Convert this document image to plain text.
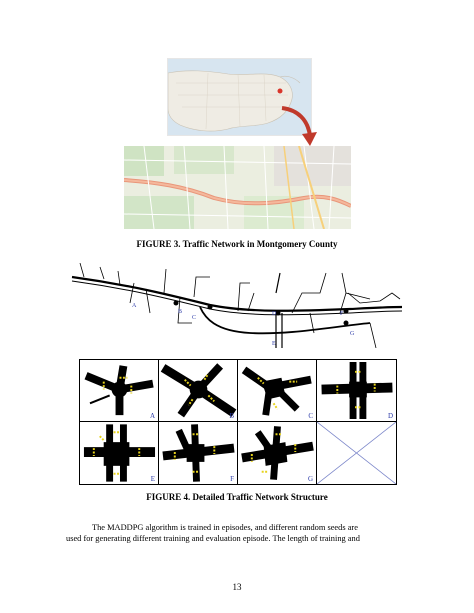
FIGURE 3. Traffic Network in Montgomery County
A
B
C
D
E
F
G
A	B	C	D
E	F	G
FIGURE 4. Detailed Traffic Network Structure
The MADDPG algorithm is trained in episodes, and different random seeds are
used for generating different training and evaluation episode. The length of training and
13
